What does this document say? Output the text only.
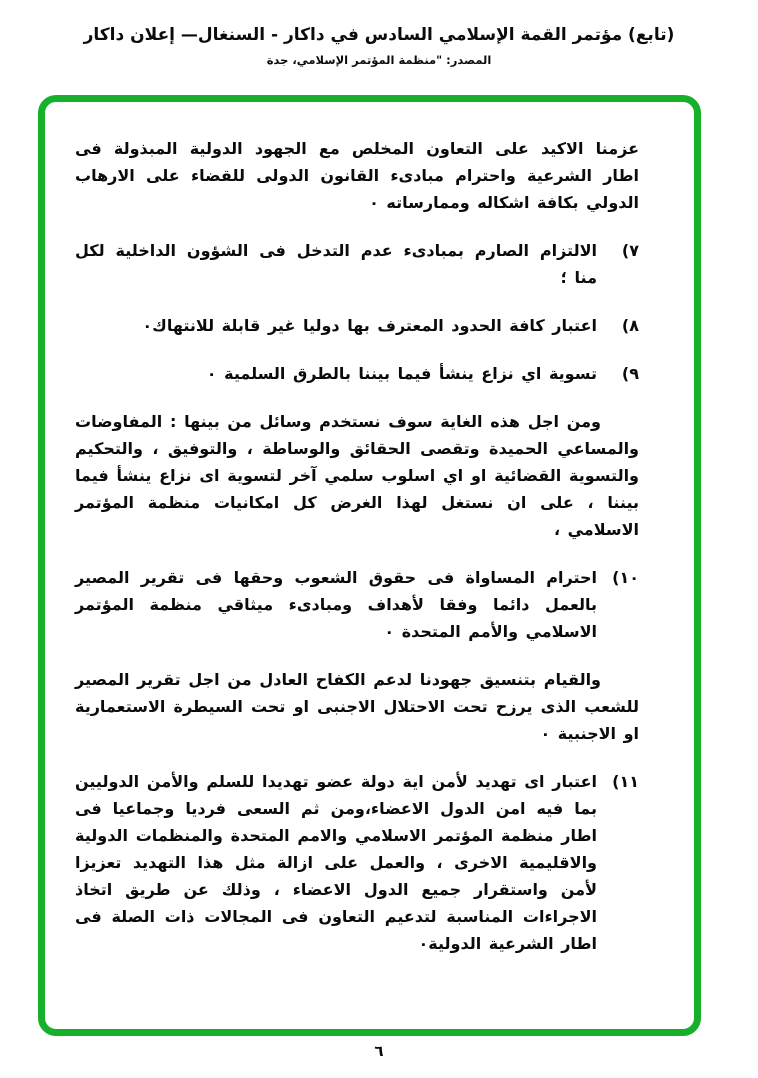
(تابع) مؤتمر القمة الإسلامي السادس في داكار - السنغال— إعلان داكار
المصدر: "منظمة المؤتمر الإسلامي، جدة

عزمنا الاكيد على التعاون المخلص مع الجهود الدولية المبذولة فى اطار الشرعية واحترام مبادىء القانون الدولى للقضاء على الارهاب الدولي بكافة اشكاله وممارساته ٠

٧)
الالتزام الصارم بمبادىء عدم التدخل فى الشؤون الداخلية لكل منا ؛
٨)
اعتبار كافة الحدود المعترف بها دوليا غير قابلة للانتهاك٠
٩)
تسوية اي نزاع ينشأ فيما بيننا بالطرق السلمية ٠

ومن اجل هذه الغاية سوف نستخدم وسائل من بينها : المفاوضات والمساعي الحميدة وتقصى الحقائق والوساطة ، والتوفيق ، والتحكيم والتسوية القضائية او اي اسلوب سلمي آخر لتسوية اى نزاع ينشأ فيما بيننا ، على ان نستغل لهذا الغرض كل امكانيات منظمة المؤتمر الاسلامي ،

١٠)
احترام المساواة فى حقوق الشعوب وحقها فى تقرير المصير بالعمل دائما وفقا لأهداف ومبادىء ميثاقي منظمة المؤتمر الاسلامي والأمم المتحدة ٠

والقيام بتنسيق جهودنا لدعم الكفاح العادل من اجل تقرير المصير للشعب الذى يرزح تحت الاحتلال الاجنبى او تحت السيطرة الاستعمارية او الاجنبية ٠

١١)
اعتبار اى تهديد لأمن اية دولة عضو تهديدا للسلم والأمن الدوليين بما فيه امن الدول الاعضاء،ومن ثم السعى فرديا وجماعيا فى اطار منظمة المؤتمر الاسلامي والامم المتحدة والمنظمات الدولية والاقليمية الاخرى ، والعمل على ازالة مثل هذا التهديد تعزيزا لأمن واستقرار جميع الدول الاعضاء ، وذلك عن طريق اتخاذ الاجراءات المناسبة لتدعيم التعاون فى المجالات ذات الصلة فى اطار الشرعية الدولية٠
٦
